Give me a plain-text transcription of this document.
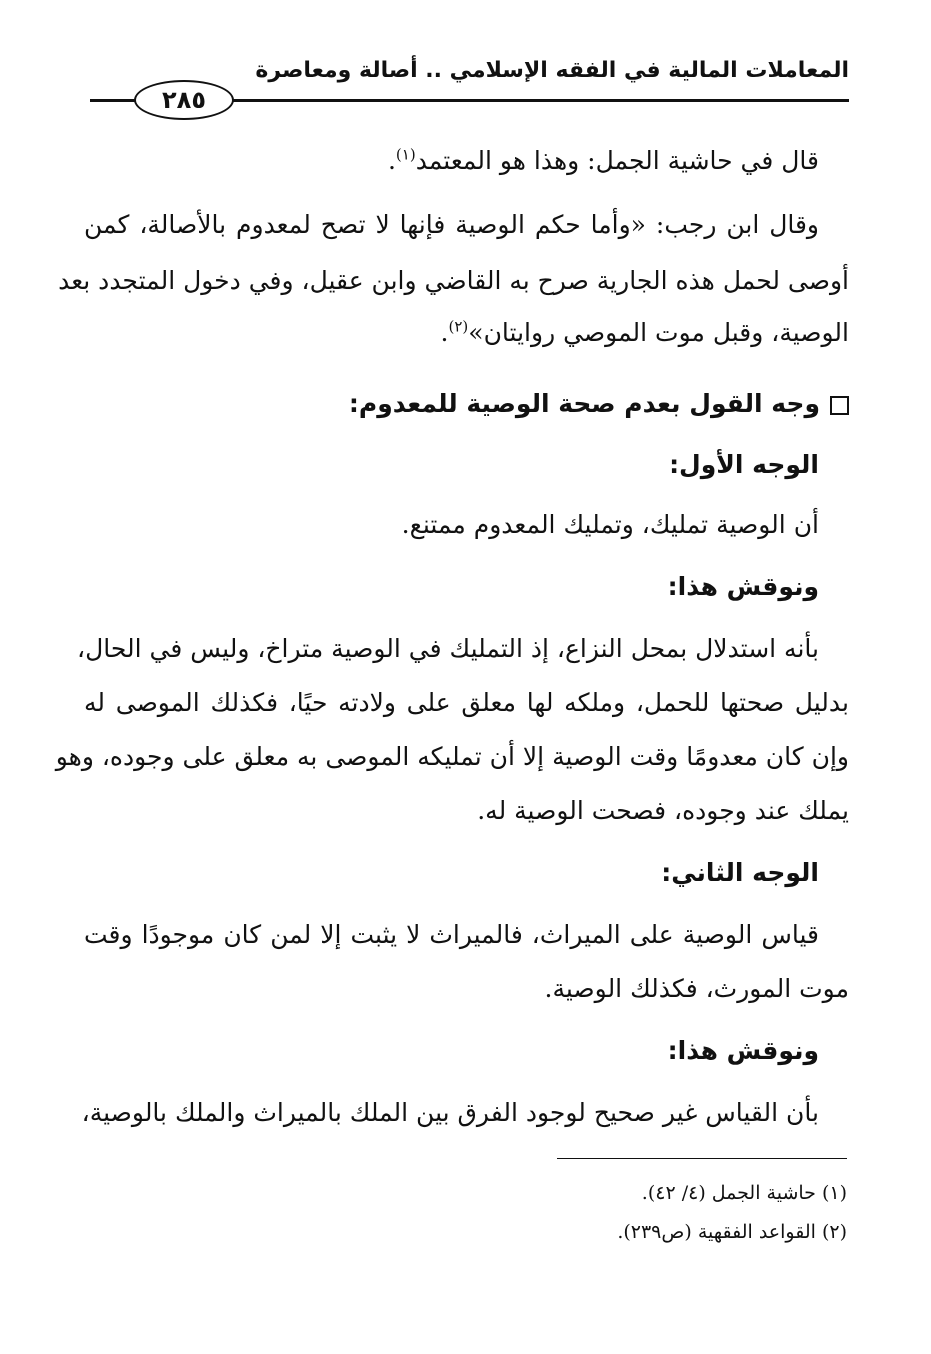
المعاملات المالية في الفقه الإسلامي .. أصالة ومعاصرة
٢٨٥
قال في حاشية الجمل: وهذا هو المعتمد$^{(١)}$.
وقال ابن رجب: «وأما حكم الوصية فإنها لا تصح لمعدوم بالأصالة، كمن
أوصى لحمل هذه الجارية صرح به القاضي وابن عقيل، وفي دخول المتجدد بعد
الوصية، وقبل موت الموصي روايتان»$^{(٢)}$.
وجه القول بعدم صحة الوصية للمعدوم:
الوجه الأول:
أن الوصية تمليك، وتمليك المعدوم ممتنع.
ونوقش هذا:
بأنه استدلال بمحل النزاع، إذ التمليك في الوصية متراخ، وليس في الحال،
بدليل صحتها للحمل، وملكه لها معلق على ولادته حيًا، فكذلك الموصى له
وإن كان معدومًا وقت الوصية إلا أن تمليكه الموصى به معلق على وجوده، وهو
يملك عند وجوده، فصحت الوصية له.
الوجه الثاني:
قياس الوصية على الميراث، فالميراث لا يثبت إلا لمن كان موجودًا وقت
موت المورث، فكذلك الوصية.
ونوقش هذا:
بأن القياس غير صحيح لوجود الفرق بين الملك بالميراث والملك بالوصية،
(١) حاشية الجمل (٤/ ٤٢).
(٢) القواعد الفقهية (ص٢٣٩).
